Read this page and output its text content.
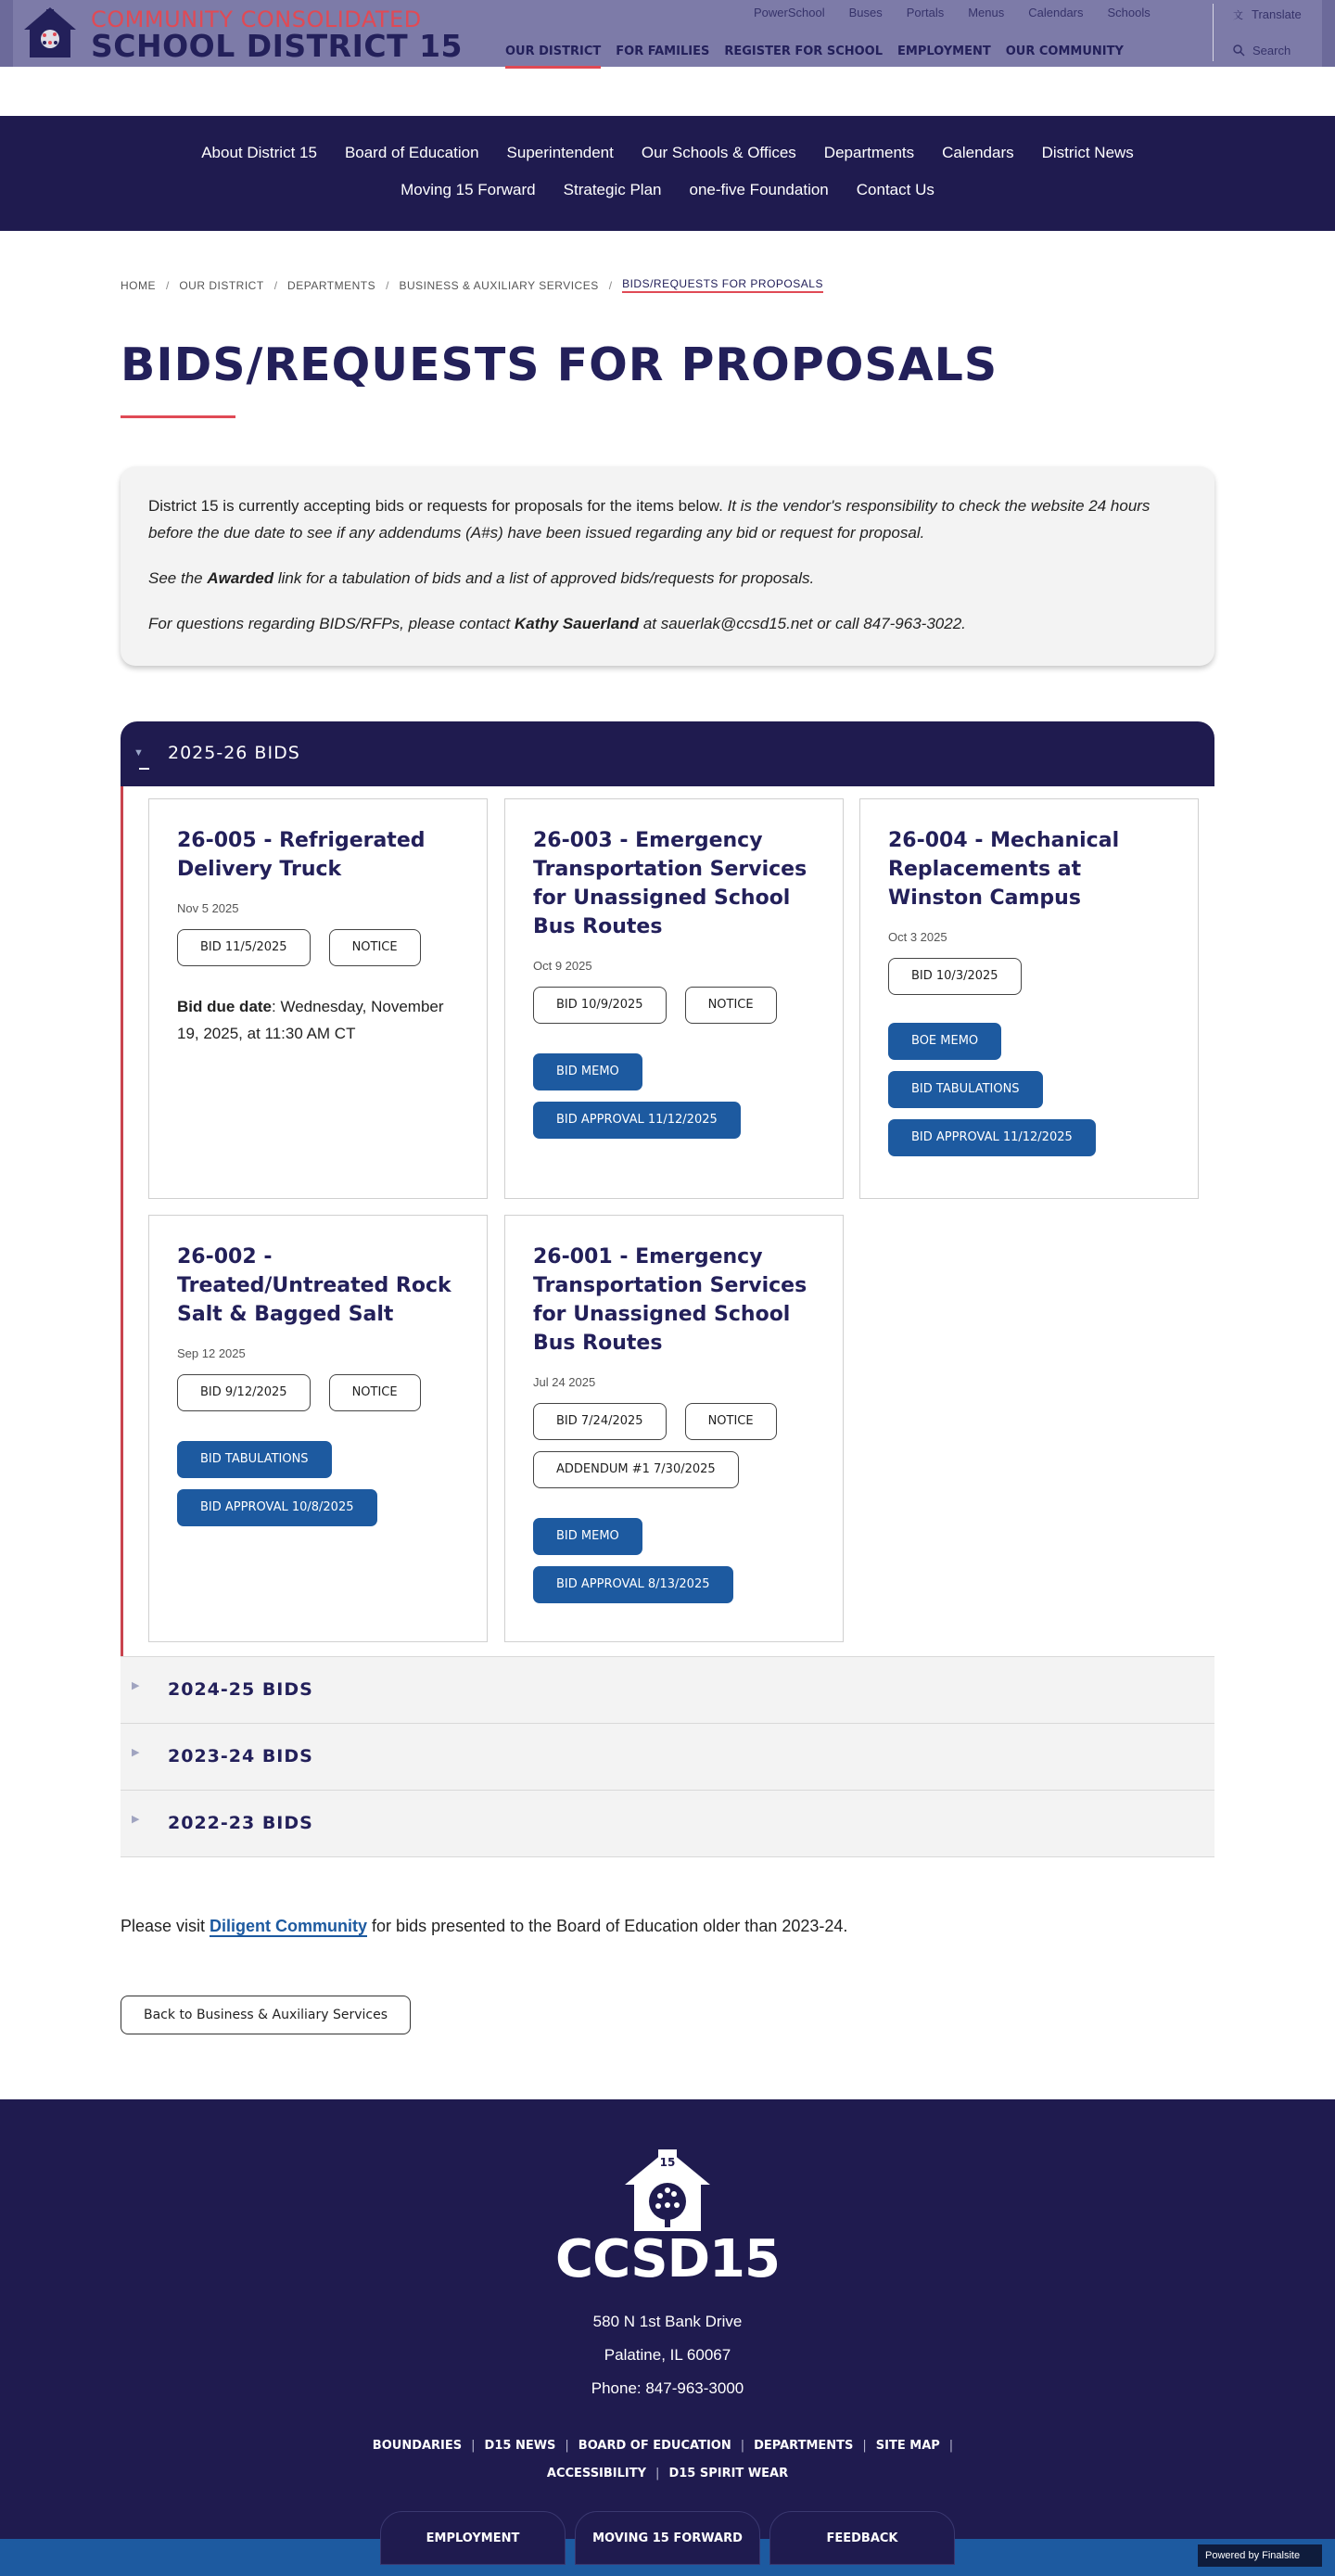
COMMUNITY CONSOLIDATED
SCHOOL DISTRICT 15
PowerSchool Buses Portals Menus Calendars Schools
OUR DISTRICT FOR FAMILIES REGISTER FOR SCHOOL EMPLOYMENT OUR COMMUNITY
文 Translate
Search
About District 15 Board of Education Superintendent Our Schools & Offices Departments Calendars District News
Moving 15 Forward Strategic Plan one-five Foundation Contact Us
HOME / OUR DISTRICT / DEPARTMENTS / BUSINESS & AUXILIARY SERVICES / BIDS/REQUESTS FOR PROPOSALS
BIDS/REQUESTS FOR PROPOSALS

District 15 is currently accepting bids or requests for proposals for the items below. It is the vendor's responsibility to check the website 24 hours before the due date to see if any addendums (A#s) have been issued regarding any bid or request for proposal.

See the Awarded link for a tabulation of bids and a list of approved bids/requests for proposals.

For questions regarding BIDS/RFPs, please contact Kathy Sauerland at sauerlak@ccsd15.net or call 847-963-3022.

▼ 2025-26 BIDS
26-005 - Refrigerated Delivery Truck
Nov 5 2025
BID 11/5/2025	NOTICE
Bid due date: Wednesday, November 19, 2025, at 11:30 AM CT
26-003 - Emergency Transportation Services for Unassigned School Bus Routes
Oct 9 2025
BID 10/9/2025	NOTICE
BID MEMO
BID APPROVAL 11/12/2025
26-004 - Mechanical Replacements at Winston Campus
Oct 3 2025
BID 10/3/2025
BOE MEMO
BID TABULATIONS
BID APPROVAL 11/12/2025
26-002 - Treated/Untreated Rock Salt & Bagged Salt
Sep 12 2025
BID 9/12/2025	NOTICE
BID TABULATIONS
BID APPROVAL 10/8/2025
26-001 - Emergency Transportation Services for Unassigned School Bus Routes
Jul 24 2025
BID 7/24/2025	NOTICE
ADDENDUM #1 7/30/2025
BID MEMO
BID APPROVAL 8/13/2025
▶ 2024-25 BIDS
▶ 2023-24 BIDS
▶ 2022-23 BIDS

Please visit Diligent Community for bids presented to the Board of Education older than 2023-24.

Back to Business & Auxiliary Services
15
CCSD15
580 N 1st Bank Drive
Palatine, IL 60067
Phone: 847-963-3000
BOUNDARIES | D15 NEWS | BOARD OF EDUCATION | DEPARTMENTS | SITE MAP |
ACCESSIBILITY | D15 SPIRIT WEAR
EMPLOYMENT	MOVING 15 FORWARD	FEEDBACK
Powered by Finalsite
